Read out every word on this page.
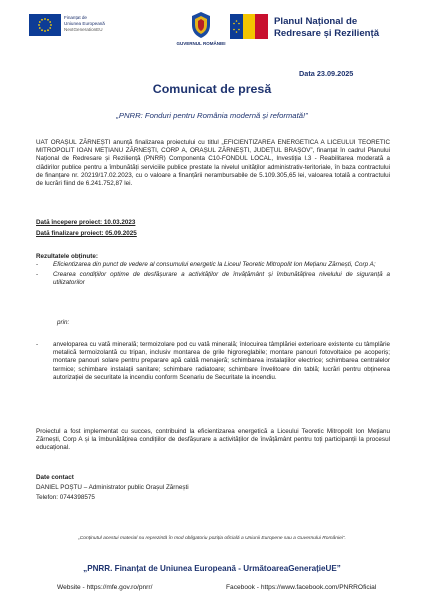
Finanțat de
Uniunea Europeană
NextGenerationEU
GUVERNUL ROMÂNIEI
Planul Național de
Redresare și Reziliență
Data 23.09.2025
Comunicat de presă
„PNRR: Fonduri pentru România modernă și reformată!”
UAT ORAȘUL ZĂRNEȘTI anunță finalizarea proiectului cu titlul „EFICIENTIZAREA ENERGETICA A LICEULUI TEORETIC MITROPOLIT IOAN MEȚIANU ZĂRNEȘTI, CORP A, ORAȘUL ZĂRNEȘTI, JUDEȚUL BRAȘOV”, finanțat în cadrul Planului Național de Redresare și Reziliență (PNRR) Componenta C10-FONDUL LOCAL, Investiția I.3 - Reabilitarea moderată a clădirilor publice pentru a îmbunătăți serviciile publice prestate la nivelul unităților administrativ-teritoriale, în baza contractului de finanțare nr. 20219/17.02.2023, cu o valoare a finanțării nerambursabile de 5.109.305,65 lei, valoarea totală a contractului de lucrări fiind de 6.241.752,87 lei.
Dată începere proiect: 10.03.2023
Dată finalizare proiect: 05.09.2025
Rezultatele obținute:
-	Eficientizarea din punct de vedere al consumului energetic la Liceul Teoretic Mitropolit Ion Mețianu Zărnești, Corp A;
-	Crearea condițiilor optime de desfășurare a activităților de învățământ și îmbunătățirea nivelului de siguranță a utilizatorilor
prin:
-	anveloparea cu vată minerală; termoizolare pod cu vată minerală; înlocuirea tâmplăriei exterioare existente cu tâmplărie metalică termoizolantă cu tripan, inclusiv montarea de grile higroreglabile; montare panouri fotovoltaice pe acoperiș; montare panouri solare pentru preparare apă caldă menajeră; schimbarea instalațiilor electrice; schimbarea centralelor termice; schimbare instalații sanitare; schimbare radiatoare; schimbare învelitoare din tablă; lucrări pentru obținerea autorizației de securitate la incendiu conform Scenariu de Securitate la incendiu.
Proiectul a fost implementat cu succes, contribuind la eficientizarea energetică a Liceului Teoretic Mitropolit Ion Mețianu Zărnești, Corp A și la îmbunătățirea condițiilor de desfășurare a activităților de învățământ pentru toți participanții la procesul educațional.
Date contact
DANIEL POȘTU – Administrator public Orașul Zărnești
Telefon: 0744398575
„Conținutul acestui material nu reprezintă în mod obligatoriu poziția oficială a Uniunii Europene sau a Guvernului României”.
„PNRR. Finanțat de Uniunea Europeană - UrmătoareaGenerațieUE”
Website - https://mfe.gov.ro/pnrr/	Facebook - https://www.facebook.com/PNRROficial
